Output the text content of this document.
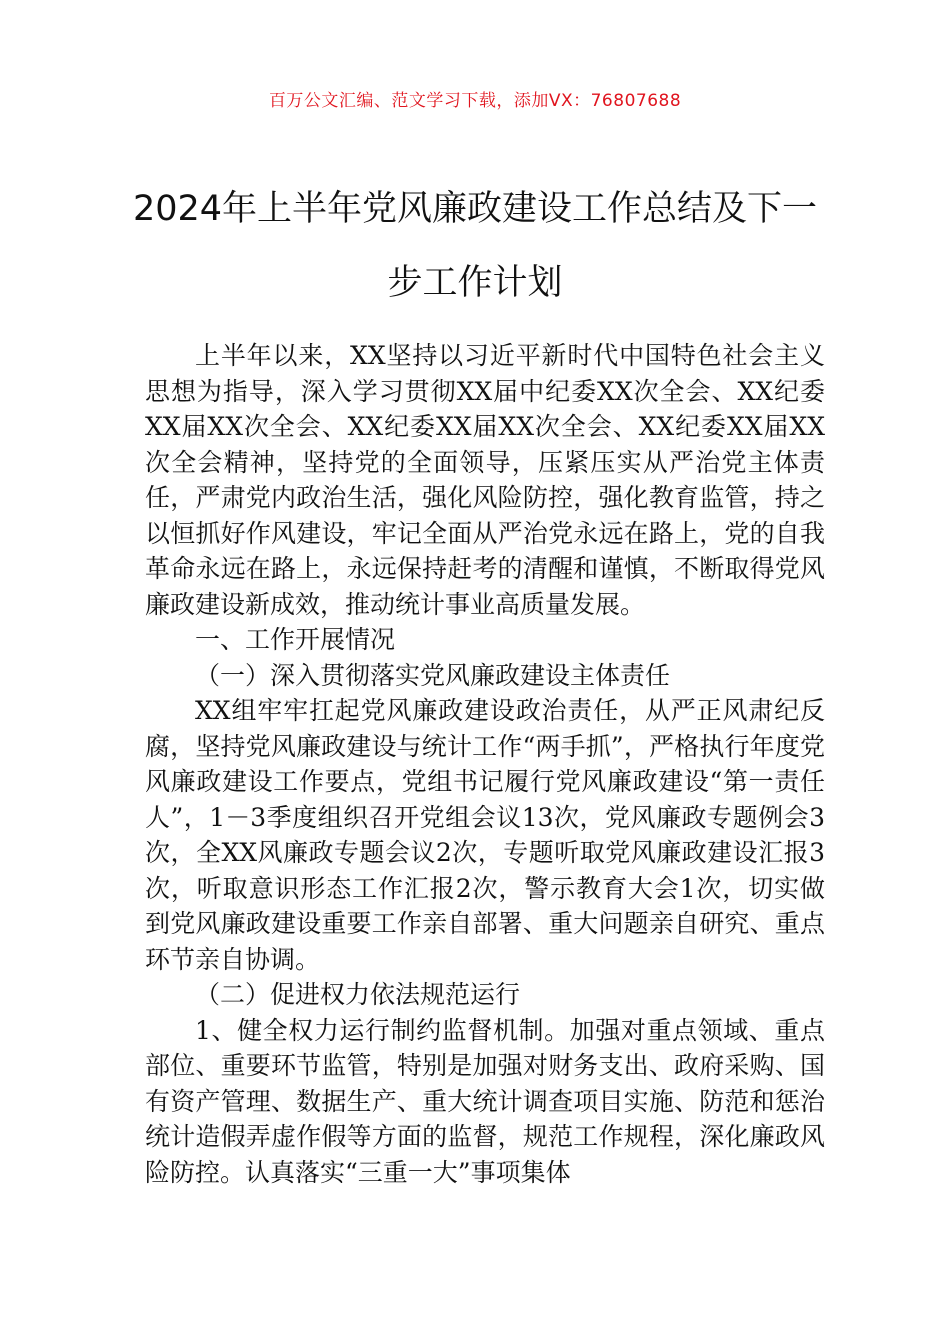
百万公文汇编、范文学习下载，添加VX：76807688
2024年上半年党风廉政建设工作总结及下一步工作计划

上半年以来，XX坚持以习近平新时代中国特色社会主义思想为指导，深入学习贯彻XX届中纪委XX次全会、XX纪委XX届XX次全会、XX纪委XX届XX次全会、XX纪委XX届XX次全会精神，坚持党的全面领导，压紧压实从严治党主体责任，严肃党内政治生活，强化风险防控，强化教育监管，持之以恒抓好作风建设，牢记全面从严治党永远在路上，党的自我革命永远在路上，永远保持赶考的清醒和谨慎，不断取得党风廉政建设新成效，推动统计事业高质量发展。

一、工作开展情况

（一）深入贯彻落实党风廉政建设主体责任

XX组牢牢扛起党风廉政建设政治责任，从严正风肃纪反腐，坚持党风廉政建设与统计工作“两手抓”，严格执行年度党风廉政建设工作要点，党组书记履行党风廉政建设“第一责任人”，1－3季度组织召开党组会议13次，党风廉政专题例会3次，全XX风廉政专题会议2次，专题听取党风廉政建设汇报3次，听取意识形态工作汇报2次，警示教育大会1次，切实做到党风廉政建设重要工作亲自部署、重大问题亲自研究、重点环节亲自协调。

（二）促进权力依法规范运行

1、健全权力运行制约监督机制。加强对重点领域、重点部位、重要环节监管，特别是加强对财务支出、政府采购、国有资产管理、数据生产、重大统计调查项目实施、防范和惩治统计造假弄虚作假等方面的监督，规范工作规程，深化廉政风险防控。认真落实“三重一大”事项集体
